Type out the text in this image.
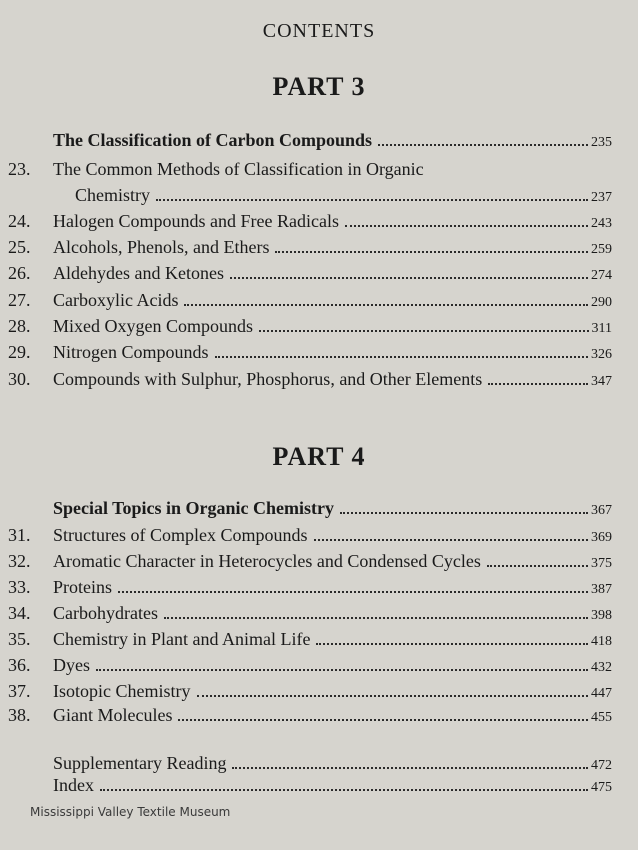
CONTENTS
PART 3
The Classification of Carbon Compounds	235
23.	The Common Methods of Classification in Organic
Chemistry	237
24.	Halogen Compounds and Free Radicals	243
25.	Alcohols, Phenols, and Ethers	259
26.	Aldehydes and Ketones	274
27.	Carboxylic Acids	290
28.	Mixed Oxygen Compounds	311
29.	Nitrogen Compounds	326
30.	Compounds with Sulphur, Phosphorus, and Other Elements	347
PART 4
Special Topics in Organic Chemistry	367
31.	Structures of Complex Compounds	369
32.	Aromatic Character in Heterocycles and Condensed Cycles	375
33.	Proteins	387
34.	Carbohydrates	398
35.	Chemistry in Plant and Animal Life	418
36.	Dyes	432
37.	Isotopic Chemistry	447
38.	Giant Molecules	455
Supplementary Reading	472
Index	475
Mississippi Valley Textile Museum
